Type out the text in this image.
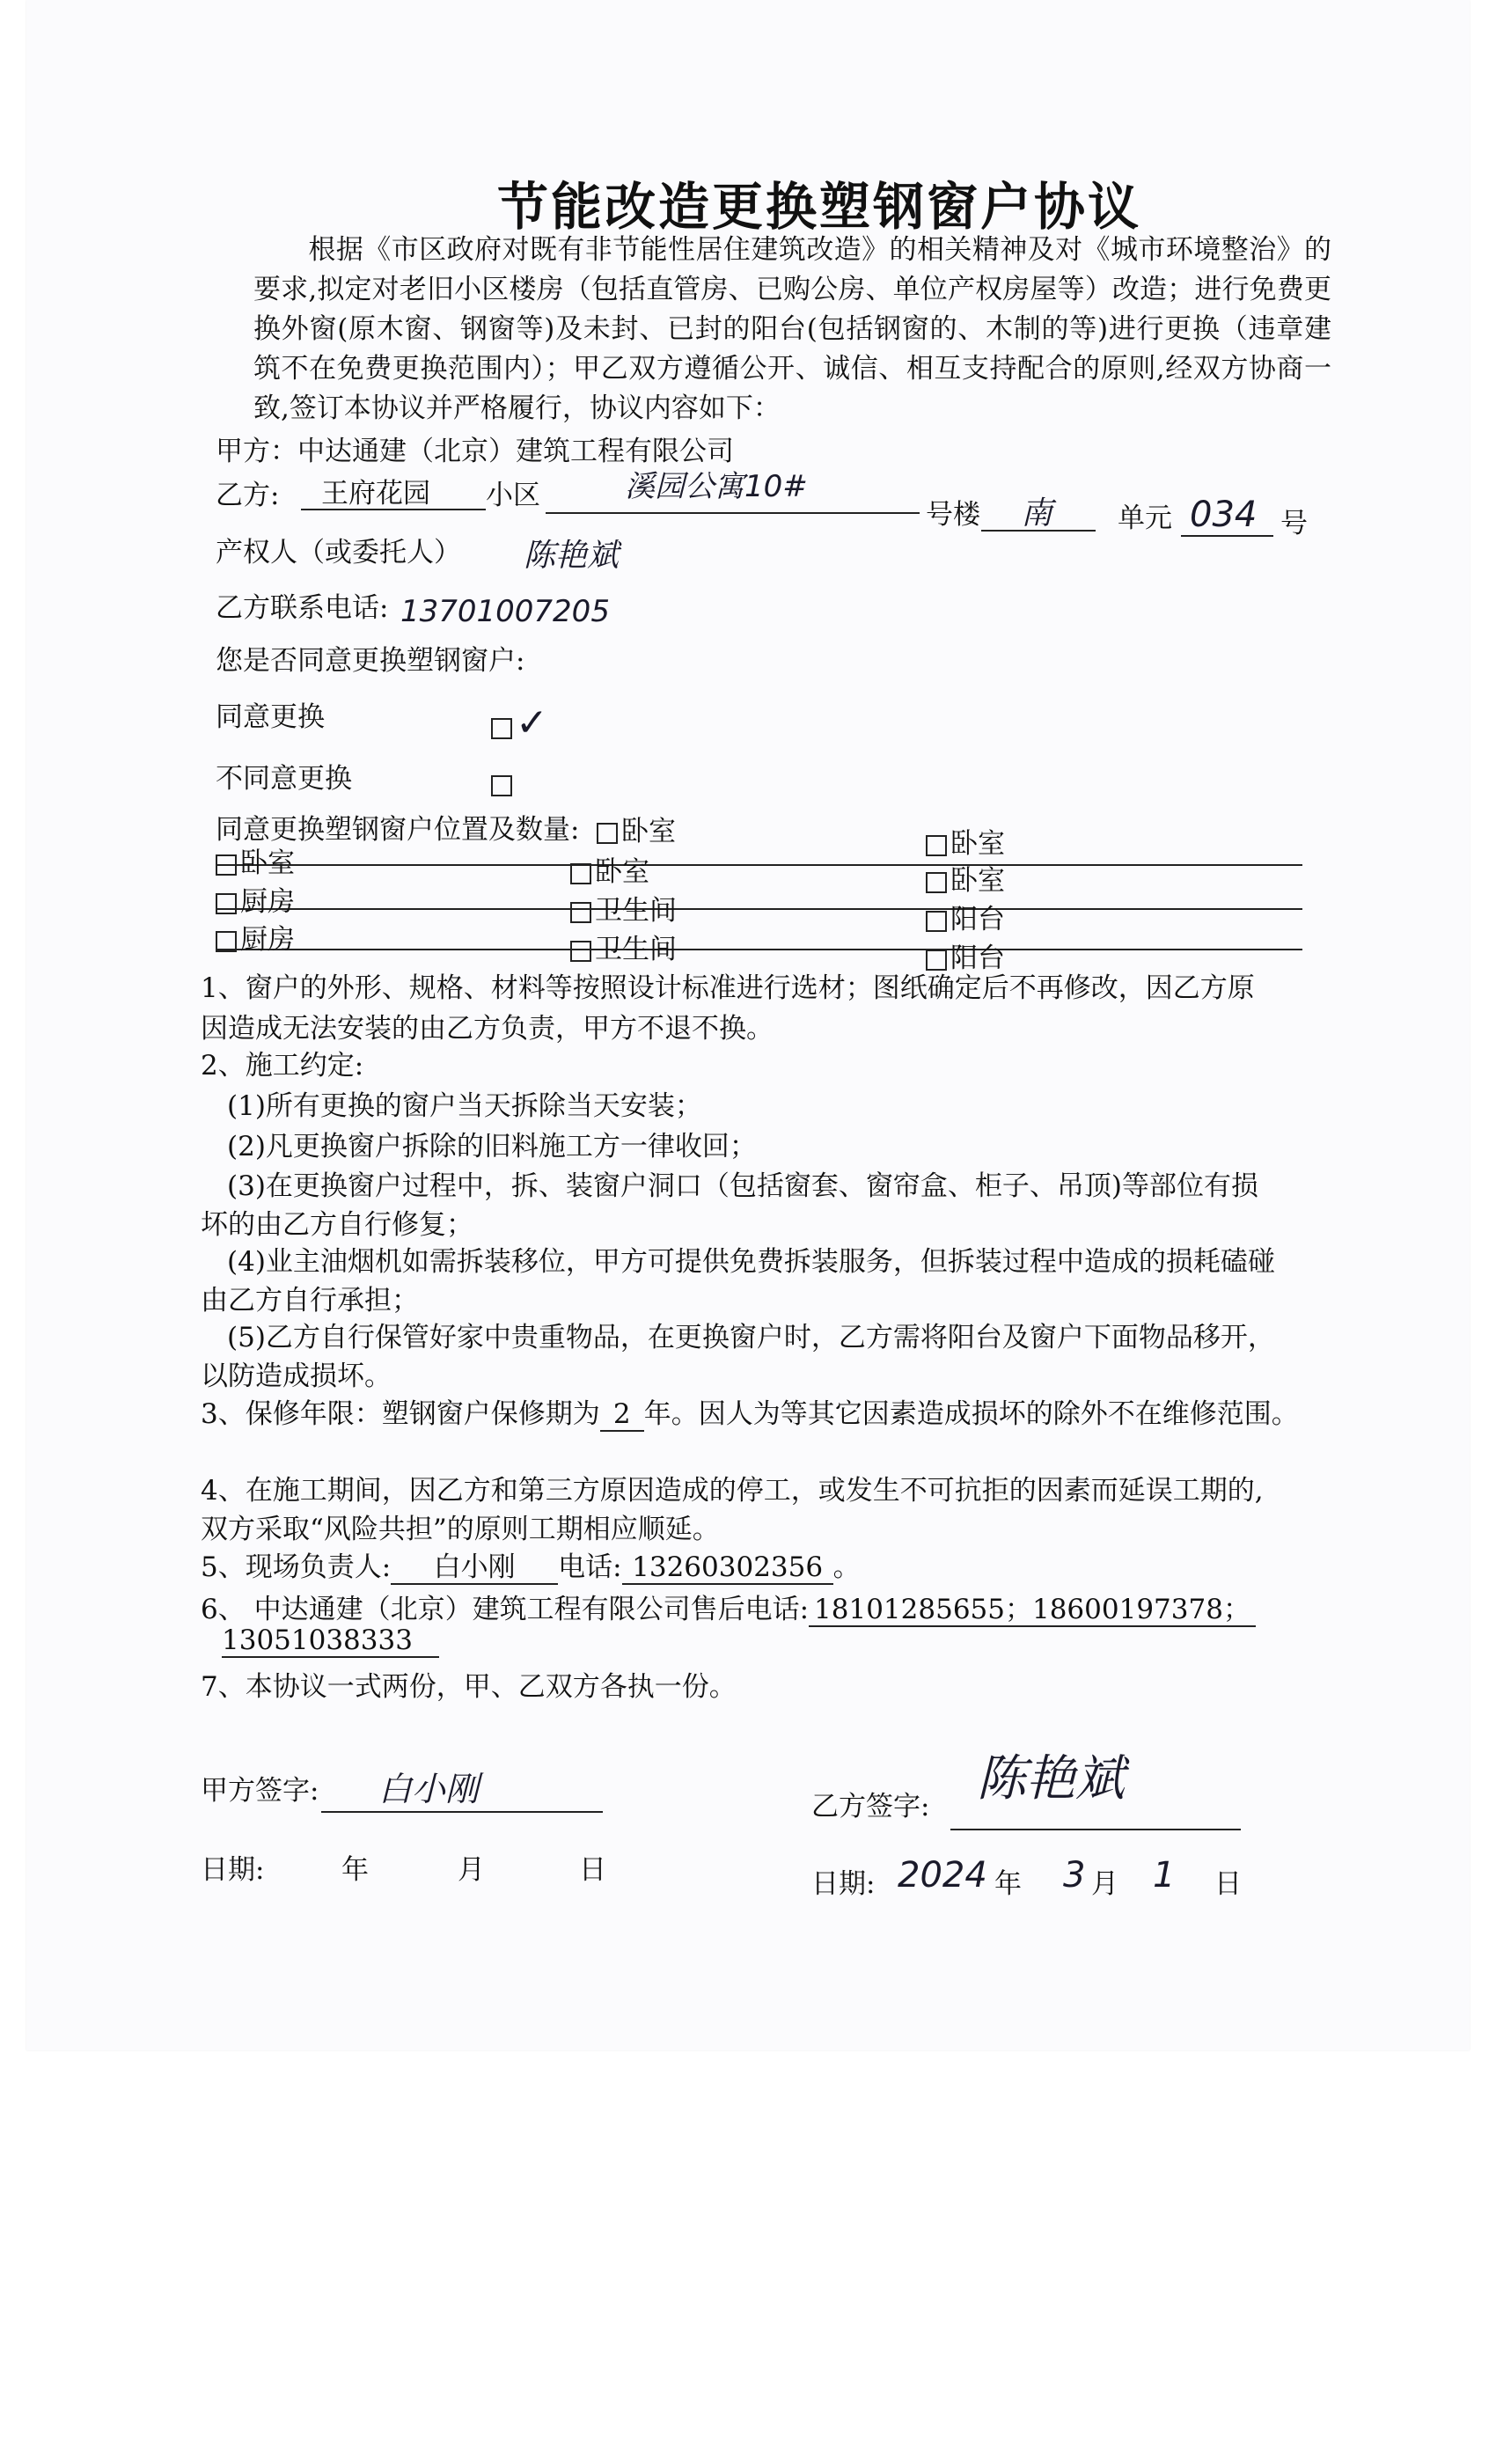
节能改造更换塑钢窗户协议
根据《市区政府对既有非节能性居住建筑改造》的相关精神及对《城市环境整治》的要求,拟定对老旧小区楼房（包括直管房、已购公房、单位产权房屋等）改造；进行免费更换外窗(原木窗、钢窗等)及未封、已封的阳台(包括钢窗的、木制的等)进行更换（违章建筑不在免费更换范围内）；甲乙双方遵循公开、诚信、相互支持配合的原则,经双方协商一致,签订本协议并严格履行，协议内容如下：
甲方：中达通建（北京）建筑工程有限公司
乙方: 王府花园 小区	溪园公寓10#
号楼 南 单元 034 号
产权人（或委托人） 陈艳斌
乙方联系电话: 13701007205
您是否同意更换塑钢窗户:
同意更换	✓
不同意更换
同意更换塑钢窗户位置及数量:	卧室	卧室
卧室	卧室	卧室
厨房	卫生间	阳台
厨房	卫生间	阳台
1、窗户的外形、规格、材料等按照设计标准进行选材；图纸确定后不再修改，因乙方原因造成无法安装的由乙方负责，甲方不退不换。
2、施工约定:
(1)所有更换的窗户当天拆除当天安装；
(2)凡更换窗户拆除的旧料施工方一律收回；
(3)在更换窗户过程中，拆、装窗户洞口（包括窗套、窗帘盒、柜子、吊顶)等部位有损坏的由乙方自行修复；
(4)业主油烟机如需拆装移位，甲方可提供免费拆装服务，但拆装过程中造成的损耗磕碰由乙方自行承担；
(5)乙方自行保管好家中贵重物品，在更换窗户时，乙方需将阳台及窗户下面物品移开，以防造成损坏。
3、保修年限：塑钢窗户保修期为 2 年。因人为等其它因素造成损坏的除外不在维修范围。
4、在施工期间，因乙方和第三方原因造成的停工，或发生不可抗拒的因素而延误工期的,双方采取“风险共担”的原则工期相应顺延。
5、现场负责人: 白小刚 电话: 13260302356 。
6、 中达通建（北京）建筑工程有限公司售后电话: 18101285655；18600197378；
13051038333
7、本协议一式两份，甲、乙双方各执一份。
甲方签字: 白小刚
日期:	年	月	日
乙方签字: 陈艳斌
日期: 2024 年 3 月 1 日
